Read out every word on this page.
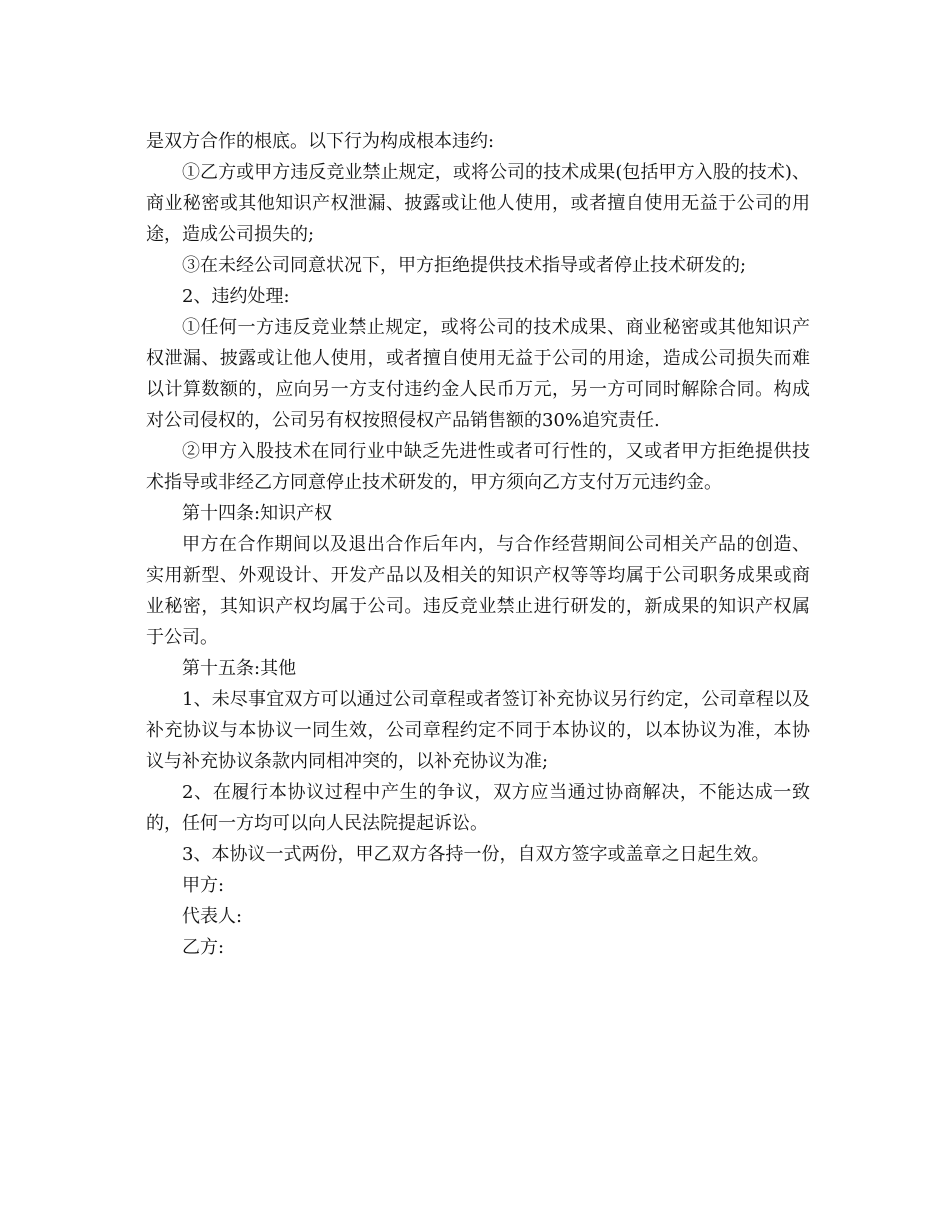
是双方合作的根底。以下行为构成根本违约:

①乙方或甲方违反竞业禁止规定，或将公司的技术成果(包括甲方入股的技术)、商业秘密或其他知识产权泄漏、披露或让他人使用，或者擅自使用无益于公司的用途，造成公司损失的;

③在未经公司同意状况下，甲方拒绝提供技术指导或者停止技术研发的;

2、违约处理:

①任何一方违反竞业禁止规定，或将公司的技术成果、商业秘密或其他知识产权泄漏、披露或让他人使用，或者擅自使用无益于公司的用途，造成公司损失而难以计算数额的，应向另一方支付违约金人民币万元，另一方可同时解除合同。构成对公司侵权的，公司另有权按照侵权产品销售额的30%追究责任.

②甲方入股技术在同行业中缺乏先进性或者可行性的，又或者甲方拒绝提供技术指导或非经乙方同意停止技术研发的，甲方须向乙方支付万元违约金。

第十四条:知识产权

甲方在合作期间以及退出合作后年内，与合作经营期间公司相关产品的创造、实用新型、外观设计、开发产品以及相关的知识产权等等均属于公司职务成果或商业秘密，其知识产权均属于公司。违反竞业禁止进行研发的，新成果的知识产权属于公司。

第十五条:其他

1、未尽事宜双方可以通过公司章程或者签订补充协议另行约定，公司章程以及补充协议与本协议一同生效，公司章程约定不同于本协议的，以本协议为准，本协议与补充协议条款内同相冲突的，以补充协议为准;

2、在履行本协议过程中产生的争议，双方应当通过协商解决，不能达成一致的，任何一方均可以向人民法院提起诉讼。

3、本协议一式两份，甲乙双方各持一份，自双方签字或盖章之日起生效。

甲方:

代表人:

乙方:
